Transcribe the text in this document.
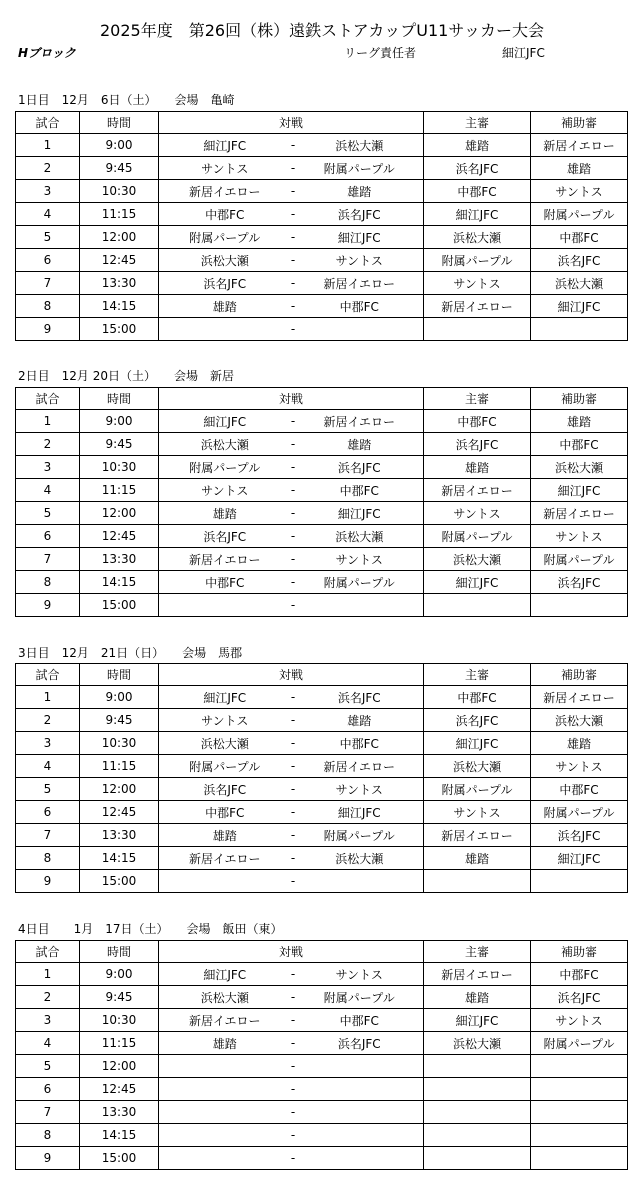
2025年度　第26回（株）遠鉄ストアカップU11サッカー大会
Hブロック	リーグ責任者	細江JFC
1日目　12月　6日（土）　　会場　亀崎
試合	時間	対戦			主審	補助審
1	9:00	細江JFC	-	浜松大瀬	雄踏	新居イエロー
2	9:45	サントス	-	附属パープル	浜名JFC	雄踏
3	10:30	新居イエロー	-	雄踏	中郡FC	サントス
4	11:15	中郡FC	-	浜名JFC	細江JFC	附属パープル
5	12:00	附属パープル	-	細江JFC	浜松大瀬	中郡FC
6	12:45	浜松大瀬	-	サントス	附属パープル	浜名JFC
7	13:30	浜名JFC	-	新居イエロー	サントス	浜松大瀬
8	14:15	雄踏	-	中郡FC	新居イエロー	細江JFC
9	15:00		-			
2日目　12月 20日（土）　　会場　新居
試合	時間	対戦			主審	補助審
1	9:00	細江JFC	-	新居イエロー	中郡FC	雄踏
2	9:45	浜松大瀬	-	雄踏	浜名JFC	中郡FC
3	10:30	附属パープル	-	浜名JFC	雄踏	浜松大瀬
4	11:15	サントス	-	中郡FC	新居イエロー	細江JFC
5	12:00	雄踏	-	細江JFC	サントス	新居イエロー
6	12:45	浜名JFC	-	浜松大瀬	附属パープル	サントス
7	13:30	新居イエロー	-	サントス	浜松大瀬	附属パープル
8	14:15	中郡FC	-	附属パープル	細江JFC	浜名JFC
9	15:00		-			
3日目　12月　21日（日）　　会場　馬郡
試合	時間	対戦			主審	補助審
1	9:00	細江JFC	-	浜名JFC	中郡FC	新居イエロー
2	9:45	サントス	-	雄踏	浜名JFC	浜松大瀬
3	10:30	浜松大瀬	-	中郡FC	細江JFC	雄踏
4	11:15	附属パープル	-	新居イエロー	浜松大瀬	サントス
5	12:00	浜名JFC	-	サントス	附属パープル	中郡FC
6	12:45	中郡FC	-	細江JFC	サントス	附属パープル
7	13:30	雄踏	-	附属パープル	新居イエロー	浜名JFC
8	14:15	新居イエロー	-	浜松大瀬	雄踏	細江JFC
9	15:00		-			
4日目　　1月　17日（土）　　会場　飯田（東）
試合	時間	対戦			主審	補助審
1	9:00	細江JFC	-	サントス	新居イエロー	中郡FC
2	9:45	浜松大瀬	-	附属パープル	雄踏	浜名JFC
3	10:30	新居イエロー	-	中郡FC	細江JFC	サントス
4	11:15	雄踏	-	浜名JFC	浜松大瀬	附属パープル
5	12:00		-			
6	12:45		-			
7	13:30		-			
8	14:15		-			
9	15:00		-			
